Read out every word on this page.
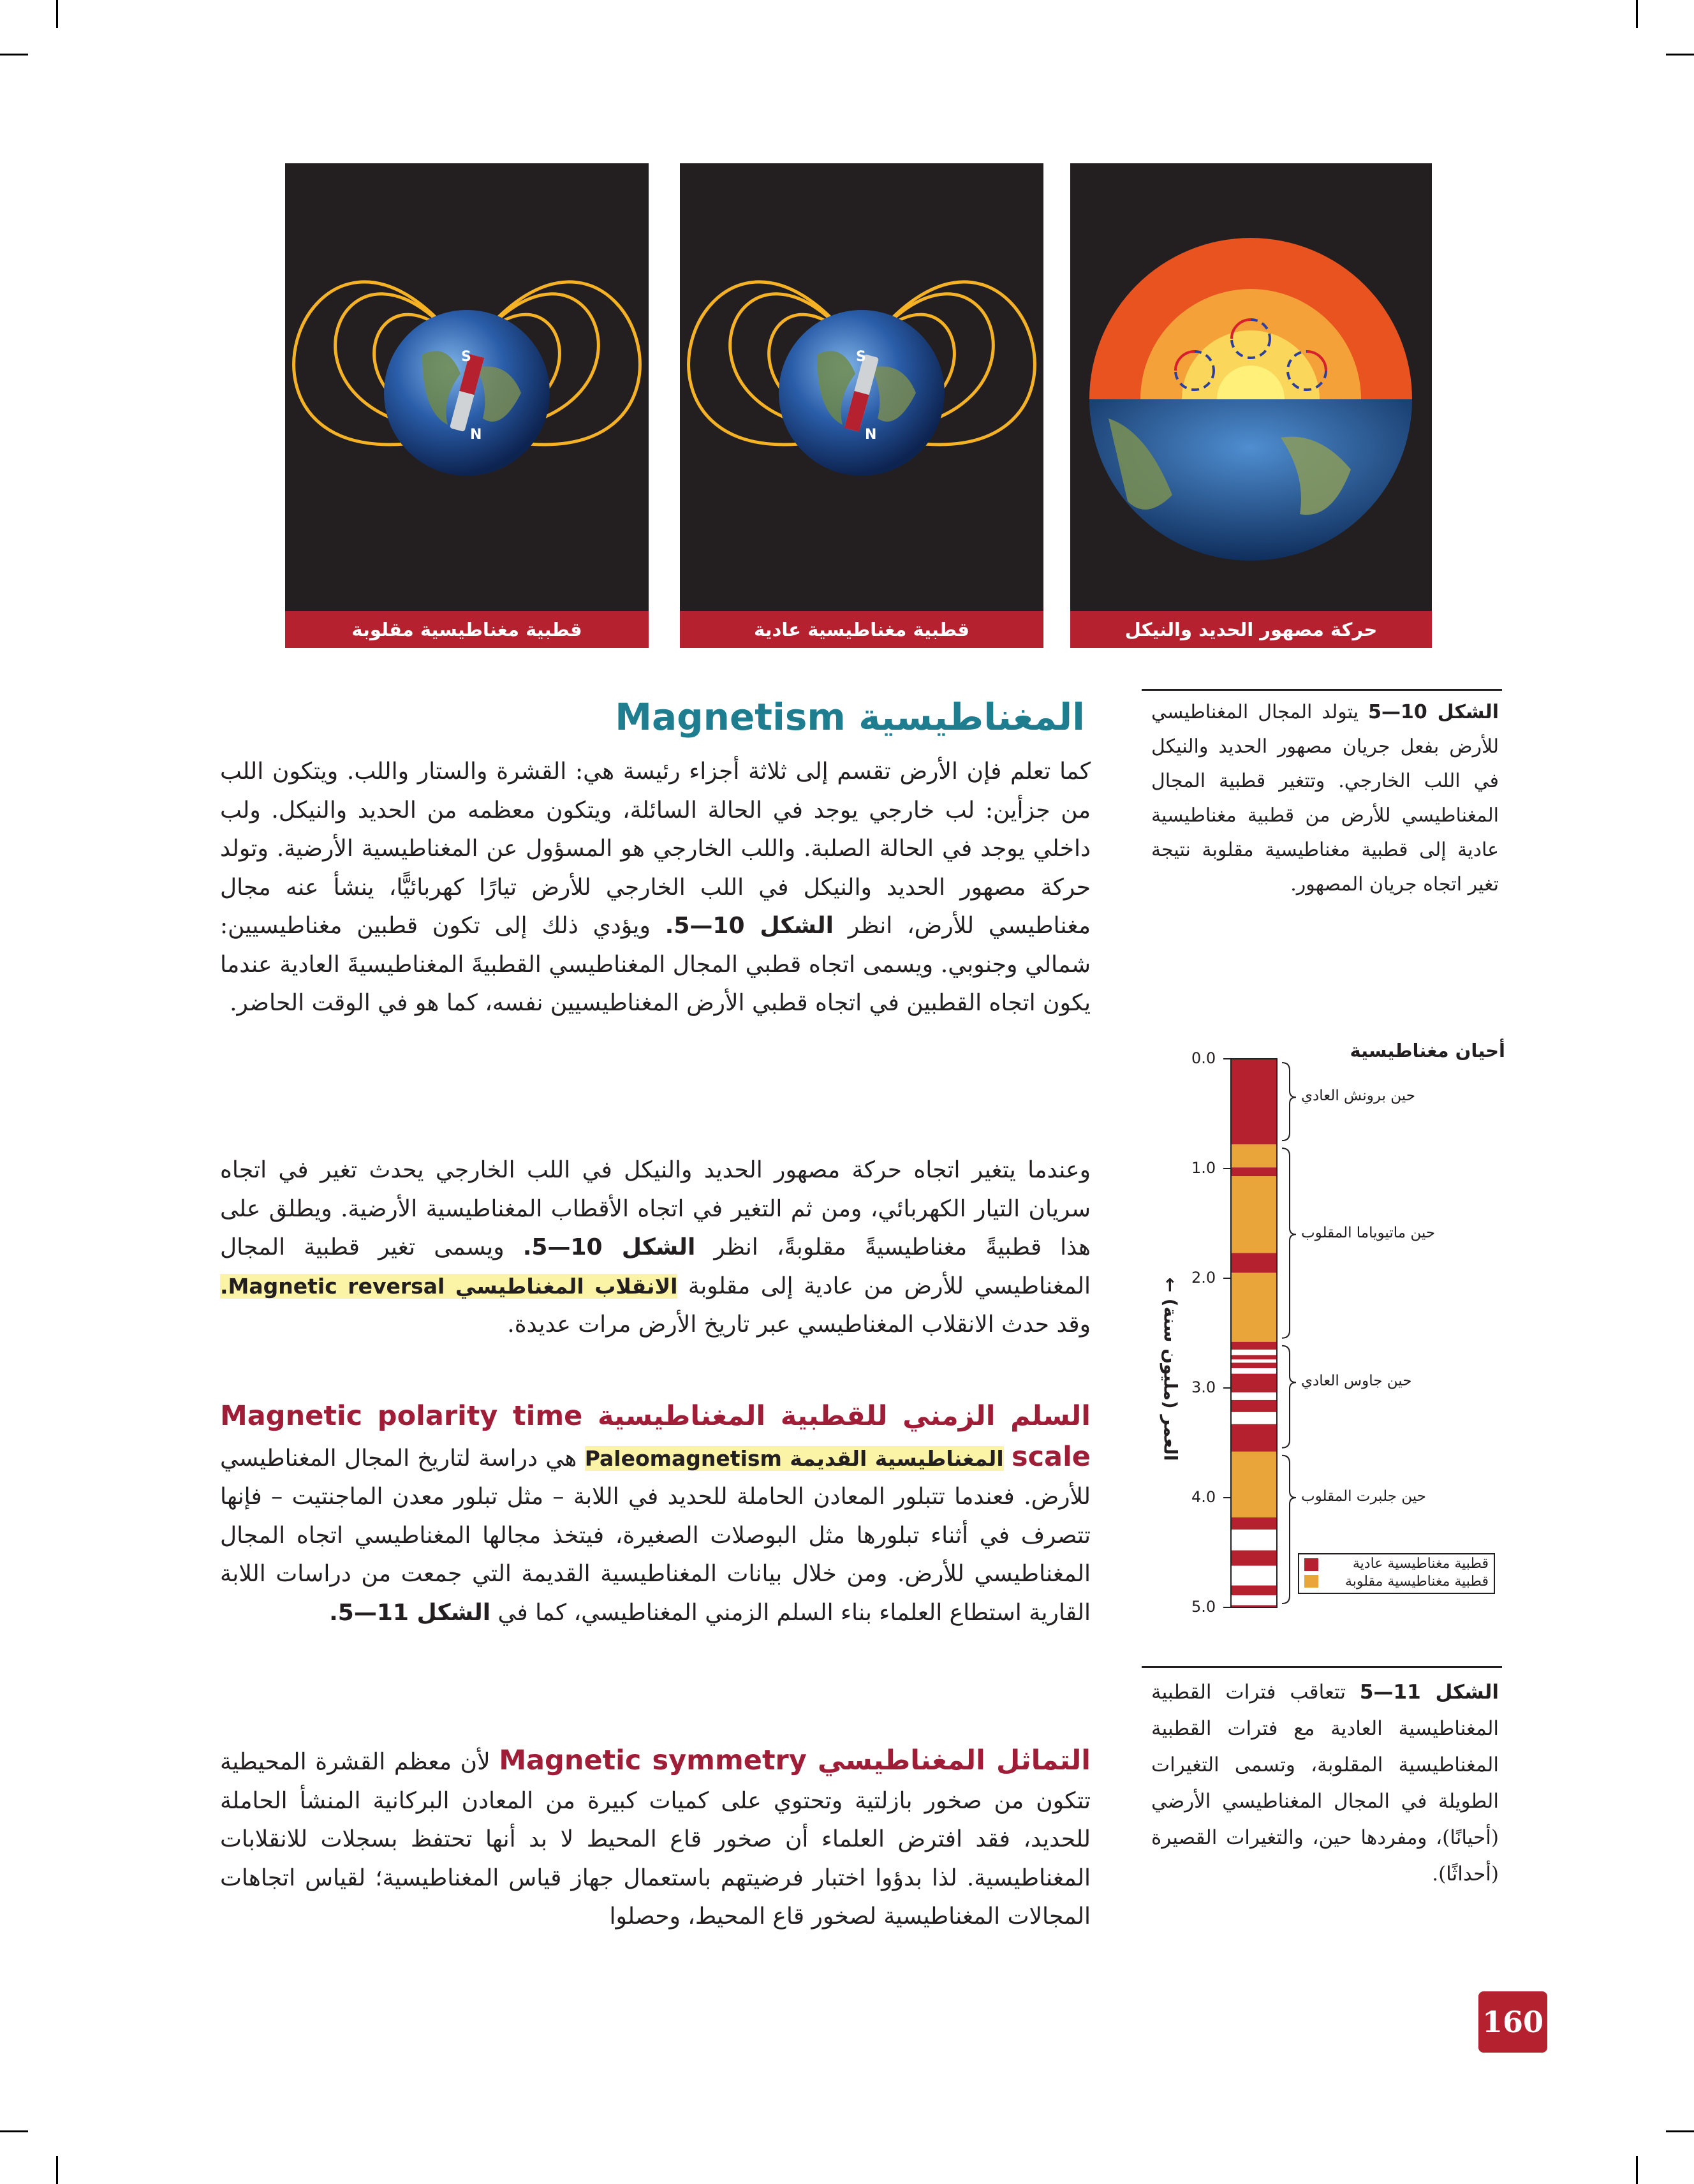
N
S
قطبية مغناطيسية مقلوبة
S
N
قطبية مغناطيسية عادية	حركة مصهور الحديد والنيكل
الشكل 10—5 يتولد المجال المغناطيسي للأرض بفعل جريان مصهور الحديد والنيكل في اللب الخارجي. وتتغير قطبية المجال المغناطيسي للأرض من قطبية مغناطيسية عادية إلى قطبية مغناطيسية مقلوبة نتيجة تغير اتجاه جريان المصهور.
المغناطيسية Magnetism
كما تعلم فإن الأرض تقسم إلى ثلاثة أجزاء رئيسة هي: القشرة والستار واللب. ويتكون اللب من جزأين: لب خارجي يوجد في الحالة السائلة، ويتكون معظمه من الحديد والنيكل. ولب داخلي يوجد في الحالة الصلبة. واللب الخارجي هو المسؤول عن المغناطيسية الأرضية. وتولد حركة مصهور الحديد والنيكل في اللب الخارجي للأرض تيارًا كهربائيًّا، ينشأ عنه مجال مغناطيسي للأرض، انظر الشكل 10—5. ويؤدي ذلك إلى تكون قطبين مغناطيسيين: شمالي وجنوبي. ويسمى اتجاه قطبي المجال المغناطيسي القطبيةَ المغناطيسيةَ العادية عندما يكون اتجاه القطبين في اتجاه قطبي الأرض المغناطيسيين نفسه، كما هو في الوقت الحاضر.
وعندما يتغير اتجاه حركة مصهور الحديد والنيكل في اللب الخارجي يحدث تغير في اتجاه سريان التيار الكهربائي، ومن ثم التغير في اتجاه الأقطاب المغناطيسية الأرضية. ويطلق على هذا قطبيةً مغناطيسيةً مقلوبةً، انظر الشكل 10—5. ويسمى تغير قطبية المجال المغناطيسي للأرض من عادية إلى مقلوبة الانقلاب المغناطيسي Magnetic reversal. وقد حدث الانقلاب المغناطيسي عبر تاريخ الأرض مرات عديدة.
السلم الزمني للقطبية المغناطيسية Magnetic polarity time scale المغناطيسية القديمة Paleomagnetism هي دراسة لتاريخ المجال المغناطيسي للأرض. فعندما تتبلور المعادن الحاملة للحديد في اللابة – مثل تبلور معدن الماجنتيت – فإنها تتصرف في أثناء تبلورها مثل البوصلات الصغيرة، فيتخذ مجالها المغناطيسي اتجاه المجال المغناطيسي للأرض. ومن خلال بيانات المغناطيسية القديمة التي جمعت من دراسات اللابة القارية استطاع العلماء بناء السلم الزمني المغناطيسي، كما في الشكل 11—5.
التماثل المغناطيسي Magnetic symmetry لأن معظم القشرة المحيطية تتكون من صخور بازلتية وتحتوي على كميات كبيرة من المعادن البركانية المنشأ الحاملة للحديد، فقد افترض العلماء أن صخور قاع المحيط لا بد أنها تحتفظ بسجلات للانقلابات المغناطيسية. لذا بدؤوا اختبار فرضيتهم باستعمال جهاز قياس المغناطيسية؛ لقياس اتجاهات المجالات المغناطيسية لصخور قاع المحيط، وحصلوا
أحيان مغناطيسية
العمر (مليون سنة) ←
0.0
1.0
2.0
3.0
4.0
5.0
حين برونش العادي
حين ماتيوياما المقلوب
حين جاوس العادي
حين جلبرت المقلوب
قطبية مغناطيسية عادية
قطبية مغناطيسية مقلوبة
الشكل 11—5 تتعاقب فترات القطبية المغناطيسية العادية مع فترات القطبية المغناطيسية المقلوبة، وتسمى التغيرات الطويلة في المجال المغناطيسي الأرضي (أحيانًا)، ومفردها حين، والتغيرات القصيرة (أحداثًا).
160
